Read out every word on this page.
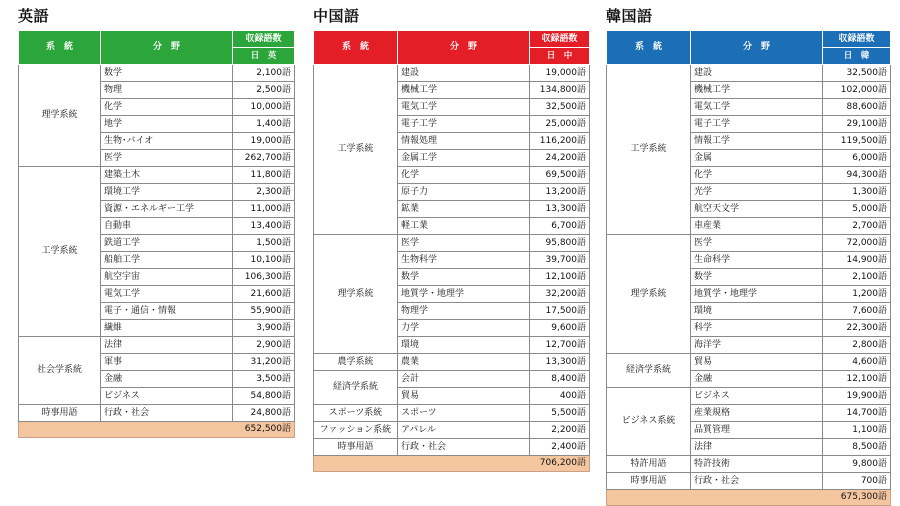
英語
系　統	分　野	収録語数
		日　英
理学系統	数学	2,100語
	物理	2,500語
	化学	10,000語
	地学	1,400語
	生物･バイオ	19,000語
	医学	262,700語
工学系統	建築土木	11,800語
	環境工学	2,300語
	資源・エネルギー工学	11,000語
	自動車	13,400語
	鉄道工学	1,500語
	船舶工学	10,100語
	航空宇宙	106,300語
	電気工学	21,600語
	電子・通信・情報	55,900語
	繊維	3,900語
社会学系統	法律	2,900語
	軍事	31,200語
	金融	3,500語
	ビジネス	54,800語
時事用語	行政・社会	24,800語
		652,500語
中国語
系　統	分　野	収録語数
		日　中
工学系統	建設	19,000語
	機械工学	134,800語
	電気工学	32,500語
	電子工学	25,000語
	情報処理	116,200語
	金属工学	24,200語
	化学	69,500語
	原子力	13,200語
	鉱業	13,300語
	軽工業	6,700語
理学系統	医学	95,800語
	生物科学	39,700語
	数学	12,100語
	地質学・地理学	32,200語
	物理学	17,500語
	力学	9,600語
	環境	12,700語
農学系統	農業	13,300語
経済学系統	会計	8,400語
	貿易	400語
スポーツ系統	スポーツ	5,500語
ファッション系統	アパレル	2,200語
時事用語	行政・社会	2,400語
		706,200語
韓国語
系　統	分　野	収録語数
		日　韓
工学系統	建設	32,500語
	機械工学	102,000語
	電気工学	88,600語
	電子工学	29,100語
	情報工学	119,500語
	金属	6,000語
	化学	94,300語
	光学	1,300語
	航空天文学	5,000語
	車産業	2,700語
理学系統	医学	72,000語
	生命科学	14,900語
	数学	2,100語
	地質学・地理学	1,200語
	環境	7,600語
	科学	22,300語
	海洋学	2,800語
経済学系統	貿易	4,600語
	金融	12,100語
ビジネス系統	ビジネス	19,900語
	産業規格	14,700語
	品質管理	1,100語
	法律	8,500語
特許用語	特許技術	9,800語
時事用語	行政・社会	700語
		675,300語
